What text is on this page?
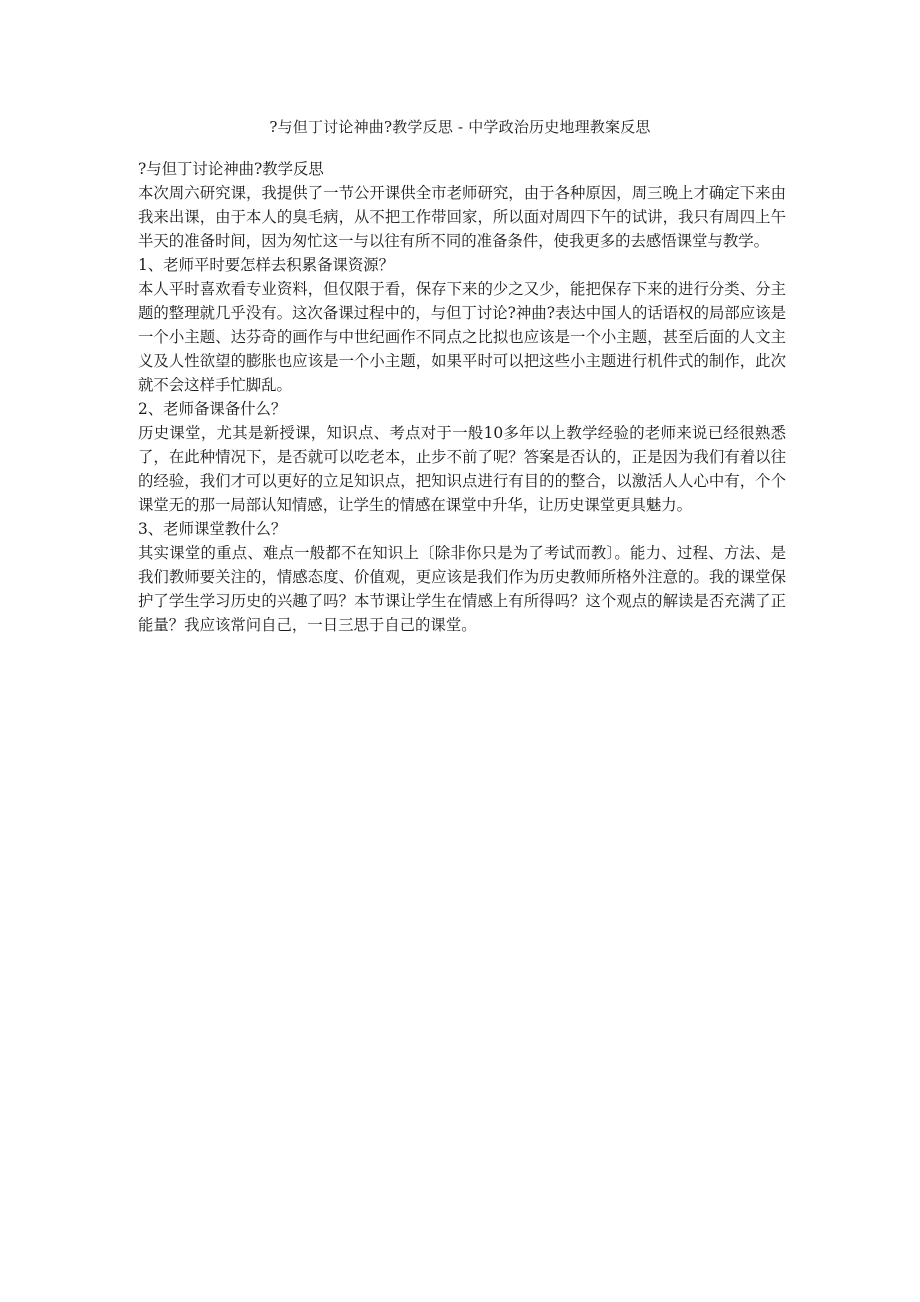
?与但丁讨论神曲?教学反思 - 中学政治历史地理教案反思

?与但丁讨论神曲?教学反思

本次周六研究课，我提供了一节公开课供全市老师研究，由于各种原因，周三晚上才确定下来由我来出课，由于本人的臭毛病，从不把工作带回家，所以面对周四下午的试讲，我只有周四上午半天的准备时间，因为匆忙这一与以往有所不同的准备条件，使我更多的去感悟课堂与教学。

1、老师平时要怎样去积累备课资源？

本人平时喜欢看专业资料，但仅限于看，保存下来的少之又少，能把保存下来的进行分类、分主题的整理就几乎没有。这次备课过程中的，与但丁讨论?神曲?表达中国人的话语权的局部应该是一个小主题、达芬奇的画作与中世纪画作不同点之比拟也应该是一个小主题，甚至后面的人文主义及人性欲望的膨胀也应该是一个小主题，如果平时可以把这些小主题进行机件式的制作，此次就不会这样手忙脚乱。

2、老师备课备什么？

历史课堂，尤其是新授课，知识点、考点对于一般10多年以上教学经验的老师来说已经很熟悉了，在此种情况下，是否就可以吃老本，止步不前了呢？答案是否认的，正是因为我们有着以往的经验，我们才可以更好的立足知识点，把知识点进行有目的的整合，以激活人人心中有，个个课堂无的那一局部认知情感，让学生的情感在课堂中升华，让历史课堂更具魅力。

3、老师课堂教什么？

其实课堂的重点、难点一般都不在知识上〔除非你只是为了考试而教〕。能力、过程、方法、是我们教师要关注的，情感态度、价值观，更应该是我们作为历史教师所格外注意的。我的课堂保护了学生学习历史的兴趣了吗？本节课让学生在情感上有所得吗？这个观点的解读是否充满了正能量？我应该常问自己，一日三思于自己的课堂。
